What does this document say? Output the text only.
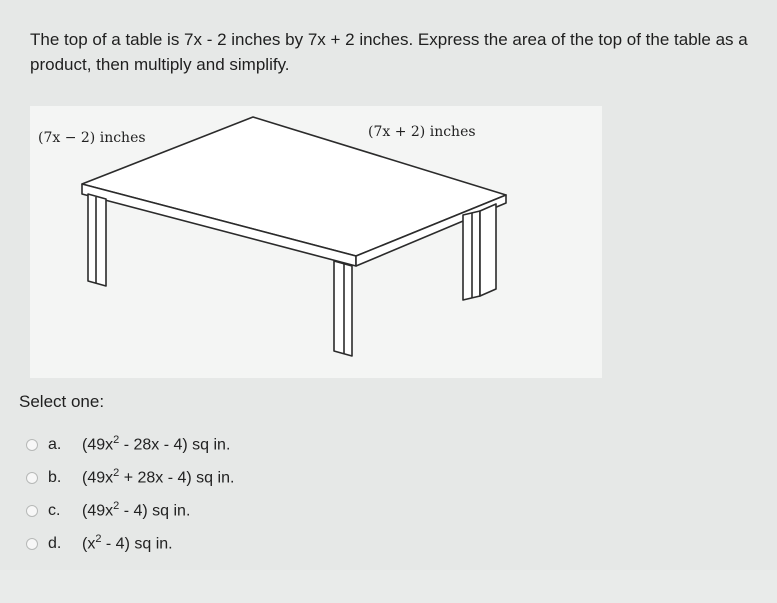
The top of a table is 7x - 2 inches by 7x + 2 inches. Express the area of the top of the table as a product, then multiply and simplify.
(7x − 2) inches	(7x + 2) inches
Select one:
a.	$(49x^2 - 28x - 4)$ sq in.
b.	$(49x^2 + 28x - 4)$ sq in.
c.	$(49x^2 - 4)$ sq in.
d.	$(x^2 - 4)$ sq in.
